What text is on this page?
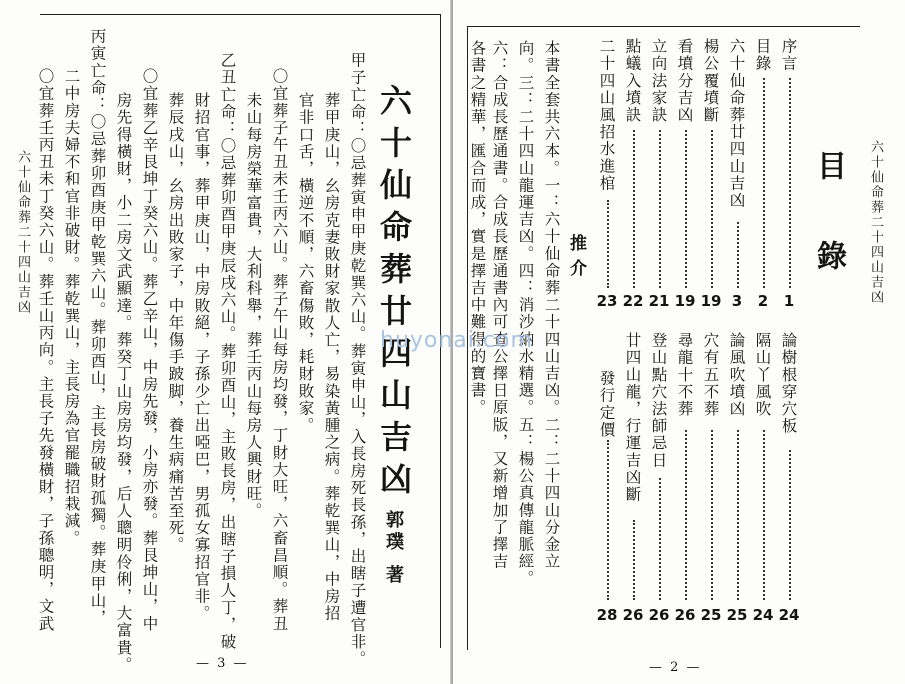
六十仙命葬二十四山吉凶	六十仙命葬廿四山吉凶
郭璞
著
甲子亡命：〇忌葬寅申甲庚乾巽六山。葬寅申山，入長房死長孫，出瞎子遭官非。
葬甲庚山，幺房克妻敗財家散人亡，易染黃腫之病。葬乾巽山，中房招
官非口舌，橫逆不順，六畜傷敗，耗財敗家。
〇宜葬子午丑未壬丙六山。葬子午山每房均發，丁財大旺，六畜昌順。葬丑
未山每房榮華富貴，大利科舉，葬壬丙山每房人興財旺。
乙丑亡命：〇忌葬卯酉甲庚辰戌六山。葬卯酉山，主敗長房，出瞎子損人丁，破
財招官事，葬甲庚山，中房敗絕，子孫少亡出啞巴，男孤女寡招官非。
葬辰戌山，幺房出敗家子，中年傷手跛脚，養生病痛苦至死。
〇宜葬乙辛艮坤丁癸六山。葬乙辛山，中房先發，小房亦發。葬艮坤山，中
房先得橫財，小二房文武顯達。葬癸丁山房房均發，后人聰明伶俐，大富貴。
丙寅亡命：〇忌葬卯酉庚甲乾巽六山。葬卯酉山，主長房破財孤獨。葬庚甲山，
二中房夫婦不和官非破財。葬乾巽山，主長房為官罷職招栽減。
〇宜葬壬丙丑未丁癸六山。葬壬山丙向。主長子先發橫財，子孫聰明，文武
— 3 —
六十仙命葬二十四山吉凶
目錄
序言
1
目錄
2
六十仙命葬廿四山吉凶
3
楊公覆墳斷
19
看墳分吉凶
19
立向法家訣
21
點蟻入墳訣
22
二十四山風招水進棺
23
論樹根穿穴板
24
隔山丫風吹
24
論風吹墳凶
25
穴有五不葬
25
尋龍十不葬
26
登山點穴法師忌日
26
廿四山龍，行運吉凶斷
26
發行定價
28
推介
本書全套共六本。一：六十仙命葬二十四山吉凶。二：二十四山分金立
向。三：二十四山龍運吉凶。四：消沙納水精選。五：楊公真傳龍脈經。
六：合成長歷通書。合成長歷通書內可查公擇日原版，又新增加了擇吉
各書之精華，匯合而成，實是擇吉中難得的寶書。
— 2 —
huyonai.com
